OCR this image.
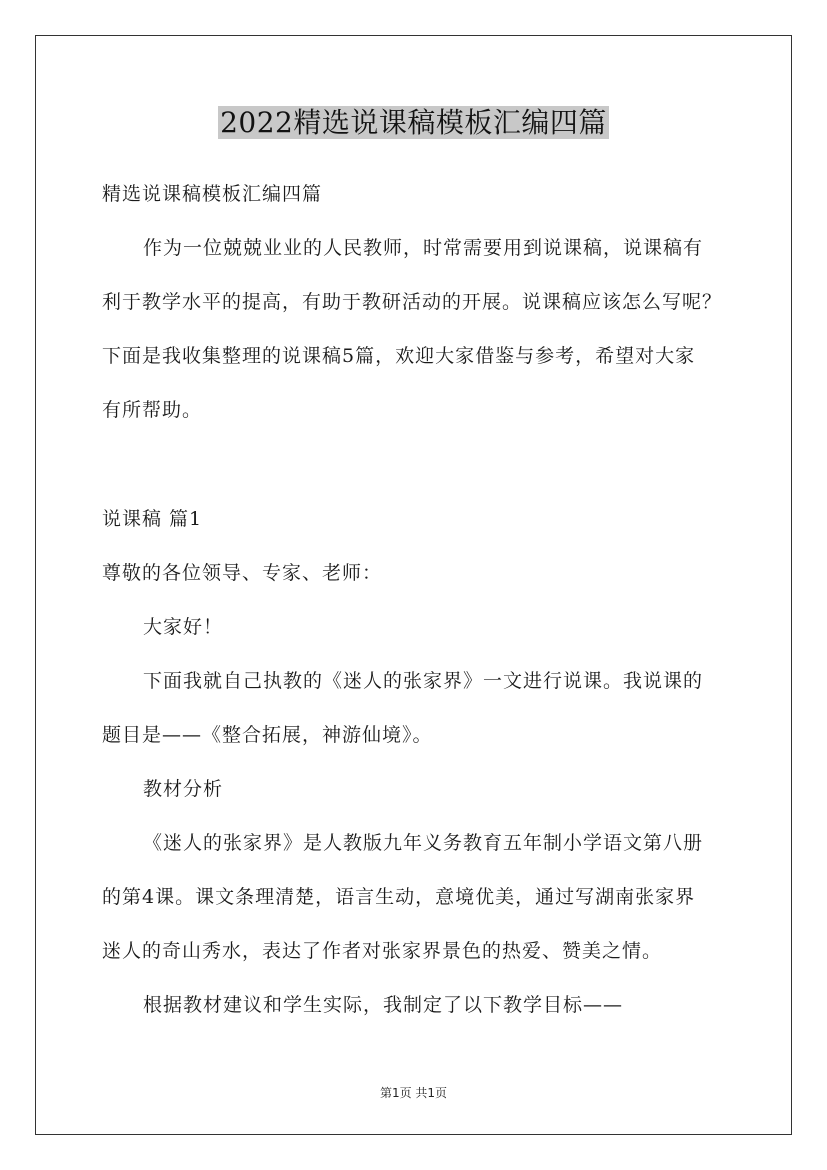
2022精选说课稿模板汇编四篇
精选说课稿模板汇编四篇
作为一位兢兢业业的人民教师，时常需要用到说课稿，说课稿有
利于教学水平的提高，有助于教研活动的开展。说课稿应该怎么写呢？
下面是我收集整理的说课稿5篇，欢迎大家借鉴与参考，希望对大家
有所帮助。
说课稿 篇1
尊敬的各位领导、专家、老师：
大家好！
下面我就自己执教的《迷人的张家界》一文进行说课。我说课的
题目是——《整合拓展，神游仙境》。
教材分析
《迷人的张家界》是人教版九年义务教育五年制小学语文第八册
的第4课。课文条理清楚，语言生动，意境优美，通过写湖南张家界
迷人的奇山秀水，表达了作者对张家界景色的热爱、赞美之情。
根据教材建议和学生实际，我制定了以下教学目标——
第1页 共1页
